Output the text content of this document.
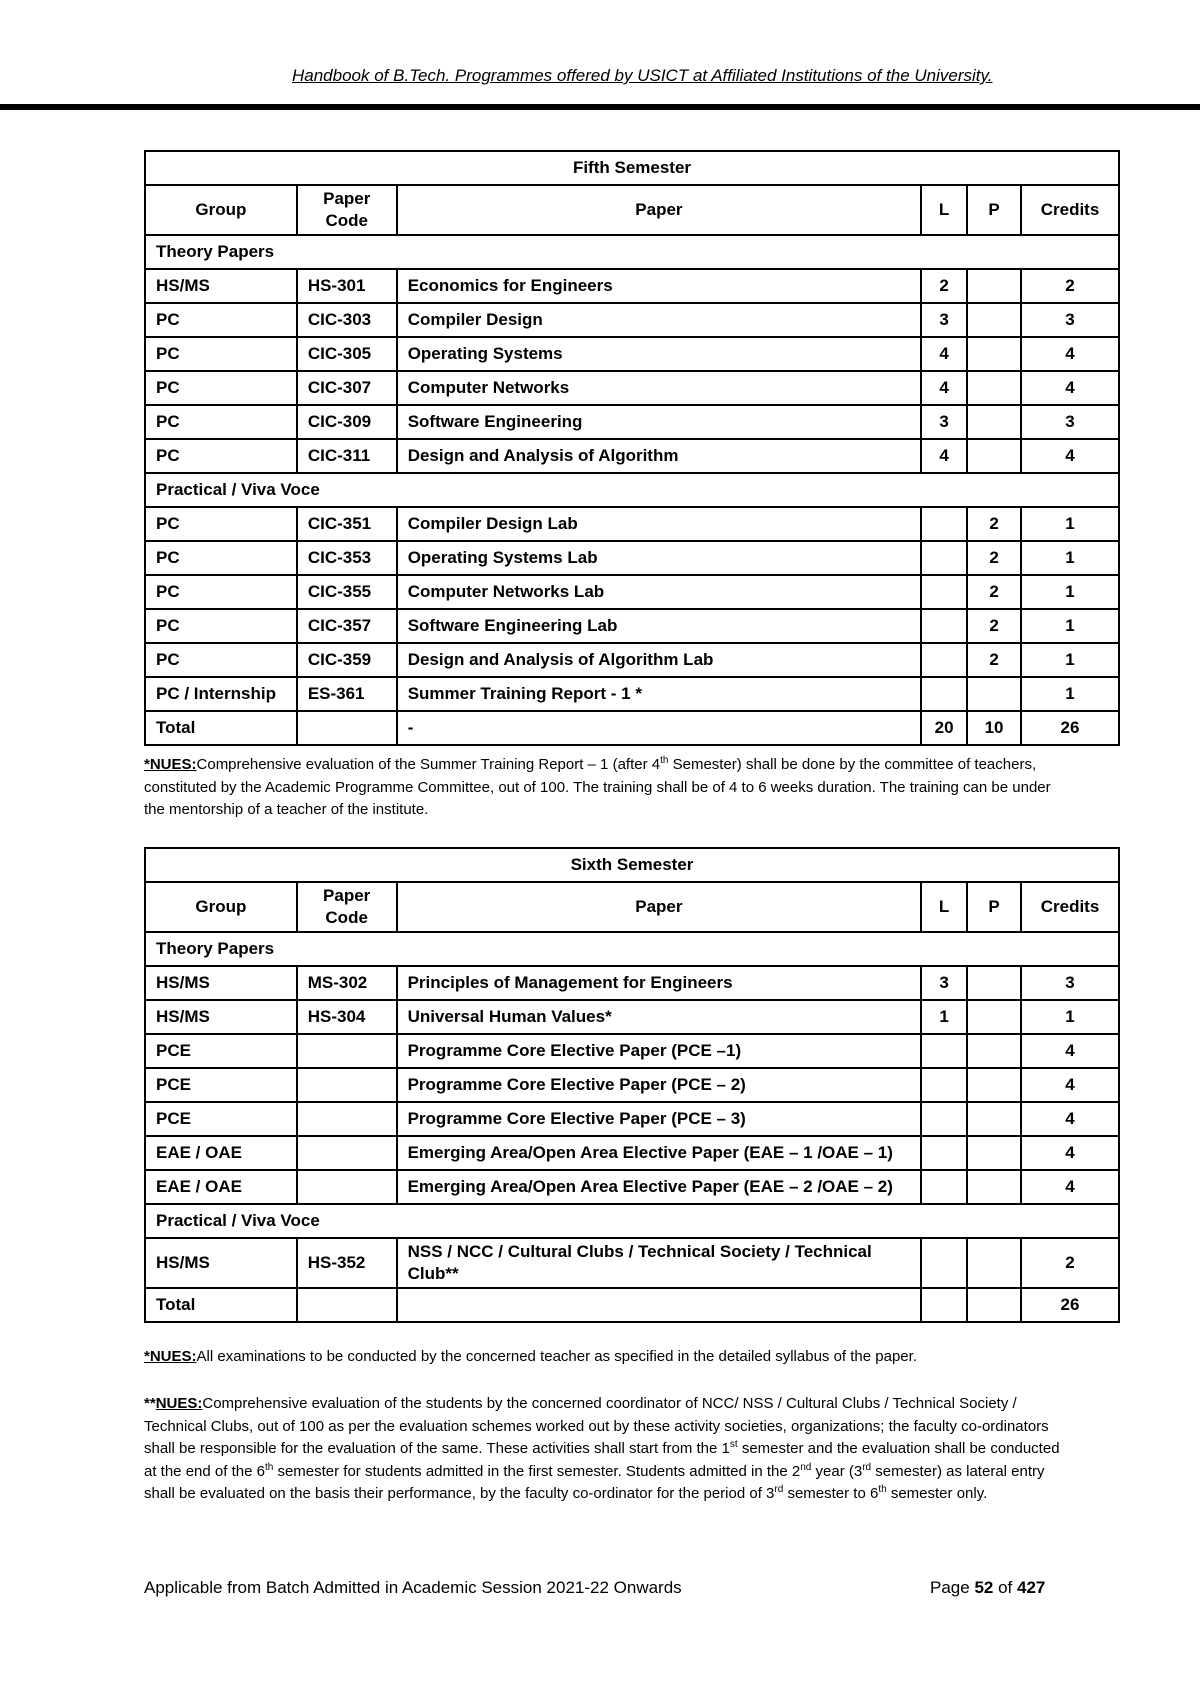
Handbook of B.Tech. Programmes offered by USICT at Affiliated Institutions of the University.
Fifth Semester					
Group	Paper Code	Paper	L	P	Credits
Theory Papers					
HS/MS	HS-301	Economics for Engineers	2		2
PC	CIC-303	Compiler Design	3		3
PC	CIC-305	Operating Systems	4		4
PC	CIC-307	Computer Networks	4		4
PC	CIC-309	Software Engineering	3		3
PC	CIC-311	Design and Analysis of Algorithm	4		4
Practical / Viva Voce					
PC	CIC-351	Compiler Design Lab		2	1
PC	CIC-353	Operating Systems Lab		2	1
PC	CIC-355	Computer Networks Lab		2	1
PC	CIC-357	Software Engineering Lab		2	1
PC	CIC-359	Design and Analysis of Algorithm Lab		2	1
PC / Internship	ES-361	Summer Training Report - 1 *			1
Total		-	20	10	26
*NUES:Comprehensive evaluation of the Summer Training Report – 1 (after 4th Semester) shall be done by the committee of teachers, constituted by the Academic Programme Committee, out of 100. The training shall be of 4 to 6 weeks duration. The training can be under the mentorship of a teacher of the institute.
Sixth Semester					
Group	Paper Code	Paper	L	P	Credits
Theory Papers					
HS/MS	MS-302	Principles of Management for Engineers	3		3
HS/MS	HS-304	Universal Human Values*	1		1
PCE		Programme Core Elective Paper (PCE –1)			4
PCE		Programme Core Elective Paper (PCE – 2)			4
PCE		Programme Core Elective Paper (PCE – 3)			4
EAE / OAE		Emerging Area/Open Area Elective Paper (EAE – 1 /OAE – 1)			4
EAE / OAE		Emerging Area/Open Area Elective Paper (EAE – 2 /OAE – 2)			4
Practical / Viva Voce					
HS/MS	HS-352	NSS / NCC / Cultural Clubs / Technical Society / Technical Club**			2
Total					26
*NUES:All examinations to be conducted by the concerned teacher as specified in the detailed syllabus of the paper.
**NUES:Comprehensive evaluation of the students by the concerned coordinator of NCC/ NSS / Cultural Clubs / Technical Society / Technical Clubs, out of 100 as per the evaluation schemes worked out by these activity societies, organizations; the faculty co-ordinators shall be responsible for the evaluation of the same. These activities shall start from the 1st semester and the evaluation shall be conducted at the end of the 6th semester for students admitted in the first semester. Students admitted in the 2nd year (3rd semester) as lateral entry shall be evaluated on the basis their performance, by the faculty co-ordinator for the period of 3rd semester to 6th semester only.
Applicable from Batch Admitted in Academic Session 2021-22 Onwards	Page 52 of 427
